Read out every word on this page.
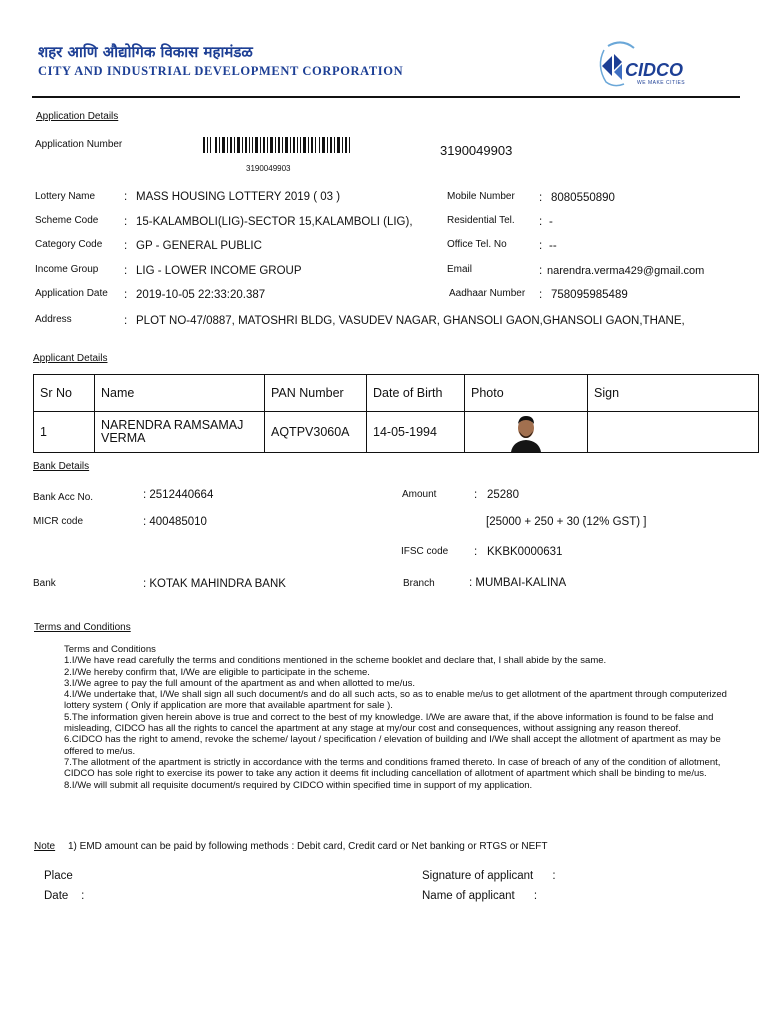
शहर आणि औद्योगिक विकास महामंडळ
CITY AND INDUSTRIAL DEVELOPMENT CORPORATION	CIDCO
WE MAKE CITIES
Application Details
Application Number
3190049903
3190049903
Lottery Name	: MASS HOUSING LOTTERY 2019 ( 03 )
Scheme Code : 15-KALAMBOLI(LIG)-SECTOR 15,KALAMBOLI (LIG),
Category Code : GP - GENERAL PUBLIC
Income Group : LIG - LOWER INCOME GROUP
Application Date : 2019-10-05 22:33:20.387
Address	: PLOT NO-47/0887, MATOSHRI BLDG, VASUDEV NAGAR, GHANSOLI GAON,GHANSOLI GAON,THANE,
Mobile Number : 8080550890
Residential Tel. : -
Office Tel. No	: --
Email	: narendra.verma429@gmail.com
Aadhaar Number : 758095985489
Applicant Details
Sr No	Name	PAN Number	Date of Birth	Photo	Sign
1	NARENDRA RAMSAMAJ VERMA	AQTPV3060A	14-05-1994	

Bank Details
Bank Acc No.	: 2512440664
MICR code	: 400485010
Bank	: KOTAK MAHINDRA BANK
Amount	: 25280
[25000 + 250 + 30 (12% GST) ]
IFSC code : KKBK0000631
Branch	: MUMBAI-KALINA
Terms and Conditions
Terms and Conditions
1.I/We have read carefully the terms and conditions mentioned in the scheme booklet and declare that, I shall abide by the same.
2.I/We hereby confirm that, I/We are eligible to participate in the scheme.
3.I/We agree to pay the full amount of the apartment as and when allotted to me/us.
4.I/We undertake that, I/We shall sign all such document/s and do all such acts, so as to enable me/us to get allotment of the apartment through computerized lottery system ( Only if application are more that available apartment for sale ).
5.The information given herein above is true and correct to the best of my knowledge. I/We are aware that, if the above information is found to be false and misleading, CIDCO has all the rights to cancel the apartment at any stage at my/our cost and consequences, without assigning any reason thereof.
6.CIDCO has the right to amend, revoke the scheme/ layout / specification / elevation of building and I/We shall accept the allotment of apartment as may be offered to me/us.
7.The allotment of the apartment is strictly in accordance with the terms and conditions framed thereto. In case of breach of any of the condition of allotment, CIDCO has sole right to exercise its power to take any action it deems fit including cancellation of allotment of apartment which shall be binding to me/us.
8.I/We will submit all requisite document/s required by CIDCO within specified time in support of my application.
Note 1) EMD amount can be paid by following methods : Debit card, Credit card or Net banking or RTGS or NEFT
Place
Date    :
Signature of applicant      :
Name of applicant      :
